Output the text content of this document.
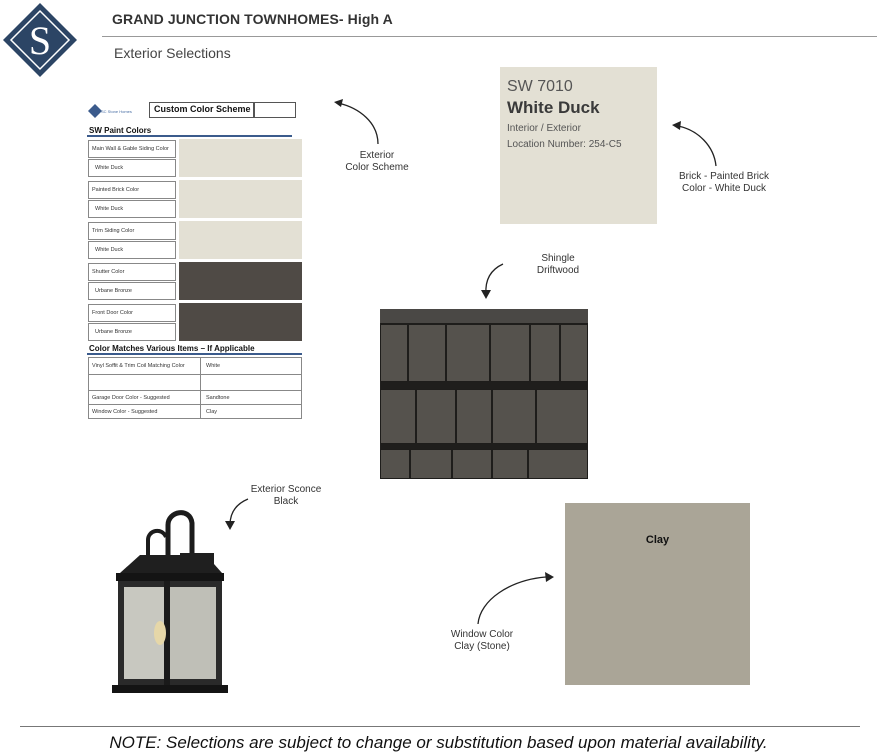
S	GRAND JUNCTION TOWNHOMES- High A
Exterior Selections
SC Stone Homes Custom Color Scheme
SW Paint Colors
Main Wall & Gable Siding Color
White Duck
Painted Brick Color
White Duck
Trim Siding Color
White Duck
Shutter Color
Urbane Bronze
Front Door Color
Urbane Bronze
Color Matches Various Items – If Applicable
Vinyl Soffit & Trim Coil Matching Color	White
Garage Door Color - Suggested	Sandtone
Window Color - Suggested	Clay
Exterior
Color Scheme
SW 7010
White Duck
Interior / Exterior
Location Number: 254-C5
Brick - Painted Brick
Color - White Duck
Shingle
Driftwood
Exterior Sconce
Black
Clay
Window Color
Clay (Stone)
NOTE: Selections are subject to change or substitution based upon material availability.
